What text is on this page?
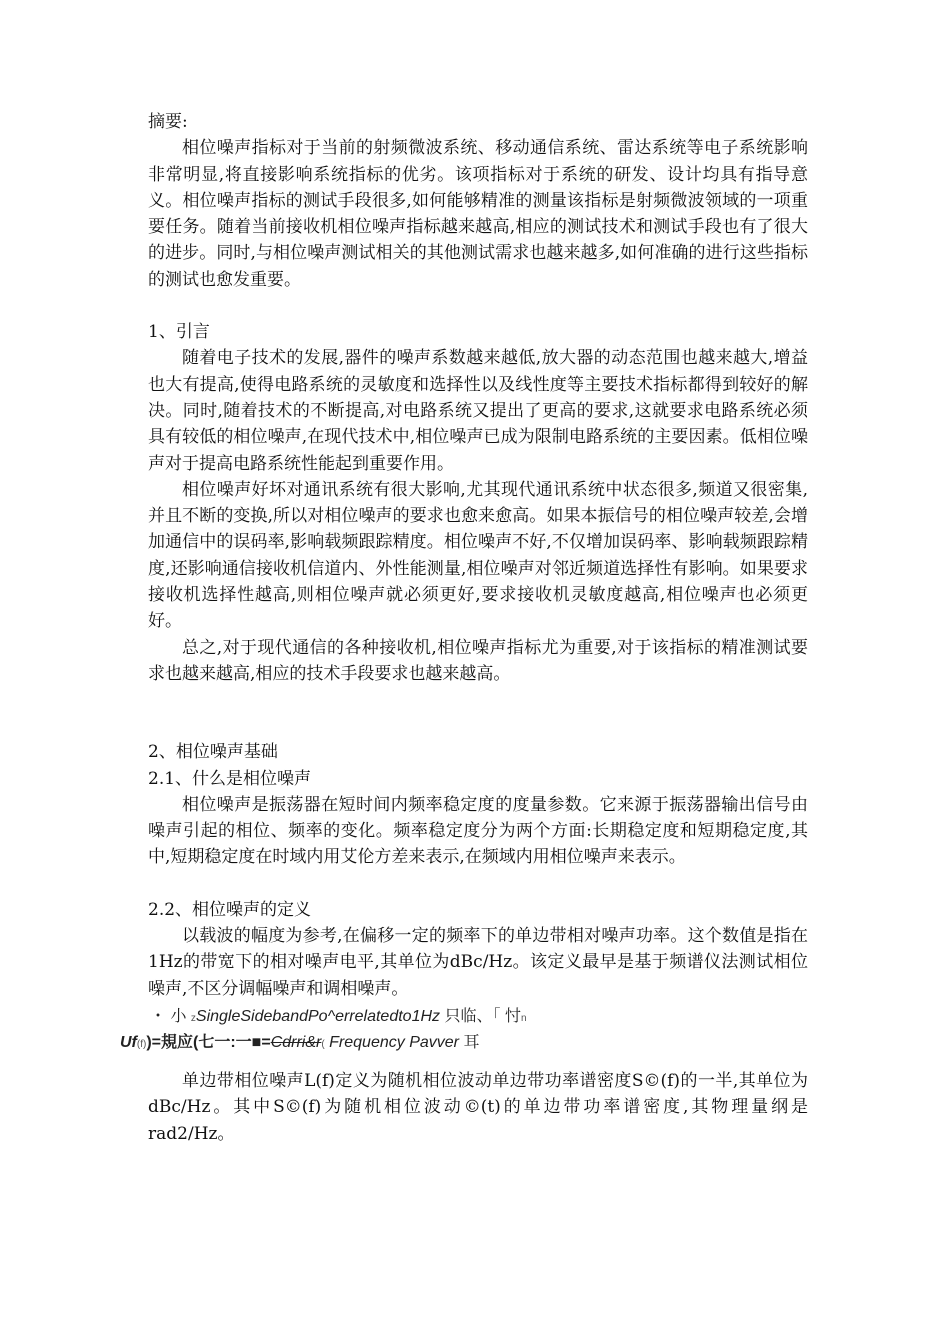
摘要:
相位噪声指标对于当前的射频微波系统、移动通信系统、雷达系统等电子系统影响非常明显,将直接影响系统指标的优劣。该项指标对于系统的研发、设计均具有指导意义。相位噪声指标的测试手段很多,如何能够精准的测量该指标是射频微波领域的一项重要任务。随着当前接收机相位噪声指标越来越高,相应的测试技术和测试手段也有了很大的进步。同时,与相位噪声测试相关的其他测试需求也越来越多,如何准确的进行这些指标的测试也愈发重要。
1、引言
随着电子技术的发展,器件的噪声系数越来越低,放大器的动态范围也越来越大,增益也大有提高,使得电路系统的灵敏度和选择性以及线性度等主要技术指标都得到较好的解决。同时,随着技术的不断提高,对电路系统又提出了更高的要求,这就要求电路系统必须具有较低的相位噪声,在现代技术中,相位噪声已成为限制电路系统的主要因素。低相位噪声对于提高电路系统性能起到重要作用。
相位噪声好坏对通讯系统有很大影响,尤其现代通讯系统中状态很多,频道又很密集,并且不断的变换,所以对相位噪声的要求也愈来愈高。如果本振信号的相位噪声较差,会增加通信中的误码率,影响载频跟踪精度。相位噪声不好,不仅增加误码率、影响载频跟踪精度,还影响通信接收机信道内、外性能测量,相位噪声对邻近频道选择性有影响。如果要求接收机选择性越高,则相位噪声就必须更好,要求接收机灵敏度越高,相位噪声也必须更好。
总之,对于现代通信的各种接收机,相位噪声指标尤为重要,对于该指标的精准测试要求也越来越高,相应的技术手段要求也越来越高。
2、相位噪声基础
2.1、什么是相位噪声
相位噪声是振荡器在短时间内频率稳定度的度量参数。它来源于振荡器输出信号由噪声引起的相位、频率的变化。频率稳定度分为两个方面:长期稳定度和短期稳定度,其中,短期稳定度在时域内用艾伦方差来表示,在频域内用相位噪声来表示。
2.2、相位噪声的定义
以载波的幅度为参考,在偏移一定的频率下的单边带相对噪声功率。这个数值是指在1Hz的带宽下的相对噪声电平,其单位为dBc/Hz。该定义最早是基于频谱仪法测试相位噪声,不区分调幅噪声和调相噪声。
・ 小 zSingleSidebandPo^errelatedto1Hz 只临、「 忖n
Uf(f))=規应(七一:一■=Cdrri&r( Frequency Pavver 耳
单边带相位噪声L(f)定义为随机相位波动单边带功率谱密度S©(f)的一半,其单位为dBc/Hz。其中S©(f)为随机相位波动©(t)的单边带功率谱密度,其物理量纲是rad2/Hz。
